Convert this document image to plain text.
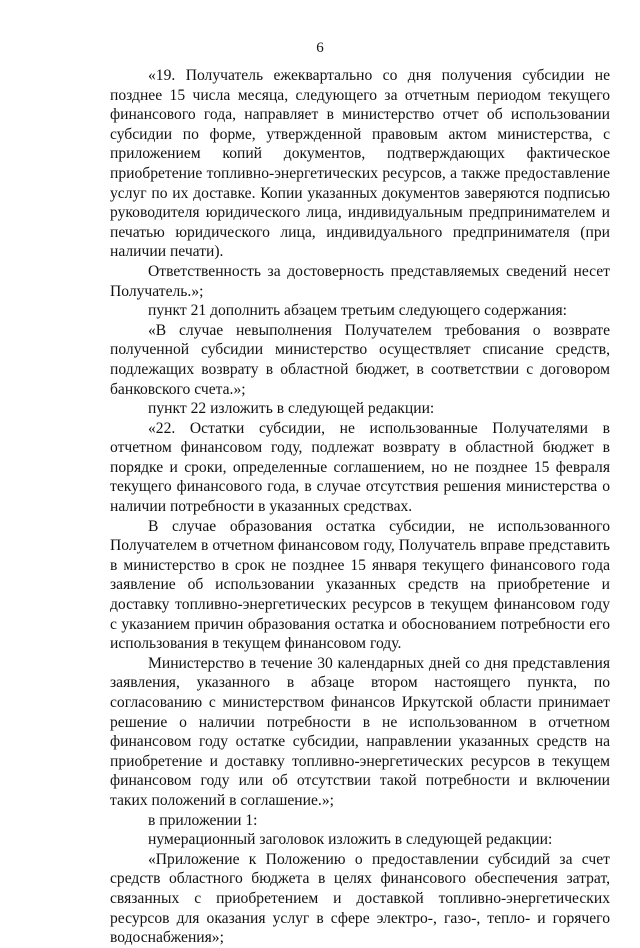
6

«19. Получатель ежеквартально со дня получения субсидии не позднее 15 числа месяца, следующего за отчетным периодом текущего финансового года, направляет в министерство отчет об использовании субсидии по форме, утвержденной правовым актом министерства, с приложением копий документов, подтверждающих фактическое приобретение топливно-энергетических ресурсов, а также предоставление услуг по их доставке. Копии указанных документов заверяются подписью руководителя юридического лица, индивидуальным предпринимателем и печатью юридического лица, индивидуального предпринимателя (при наличии печати).

Ответственность за достоверность представляемых сведений несет Получатель.»;

пункт 21 дополнить абзацем третьим следующего содержания:

«В случае невыполнения Получателем требования о возврате полученной субсидии министерство осуществляет списание средств, подлежащих возврату в областной бюджет, в соответствии с договором банковского счета.»;

пункт 22 изложить в следующей редакции:

«22. Остатки субсидии, не использованные Получателями в отчетном финансовом году, подлежат возврату в областной бюджет в порядке и сроки, определенные соглашением, но не позднее 15 февраля текущего финансового года, в случае отсутствия решения министерства о наличии потребности в указанных средствах.

В случае образования остатка субсидии, не использованного Получателем в отчетном финансовом году, Получатель вправе представить в министерство в срок не позднее 15 января текущего финансового года заявление об использовании указанных средств на приобретение и доставку топливно-энергетических ресурсов в текущем финансовом году с указанием причин образования остатка и обоснованием потребности его использования в текущем финансовом году.

Министерство в течение 30 календарных дней со дня представления заявления, указанного в абзаце втором настоящего пункта, по согласованию с министерством финансов Иркутской области принимает решение о наличии потребности в не использованном в отчетном финансовом году остатке субсидии, направлении указанных средств на приобретение и доставку топливно-энергетических ресурсов в текущем финансовом году или об отсутствии такой потребности и включении таких положений в соглашение.»;

в приложении 1:

нумерационный заголовок изложить в следующей редакции:

«Приложение к Положению о предоставлении субсидий за счет средств областного бюджета в целях финансового обеспечения затрат, связанных с приобретением и доставкой топливно-энергетических ресурсов для оказания услуг в сфере электро-, газо-, тепло- и горячего водоснабжения»;
